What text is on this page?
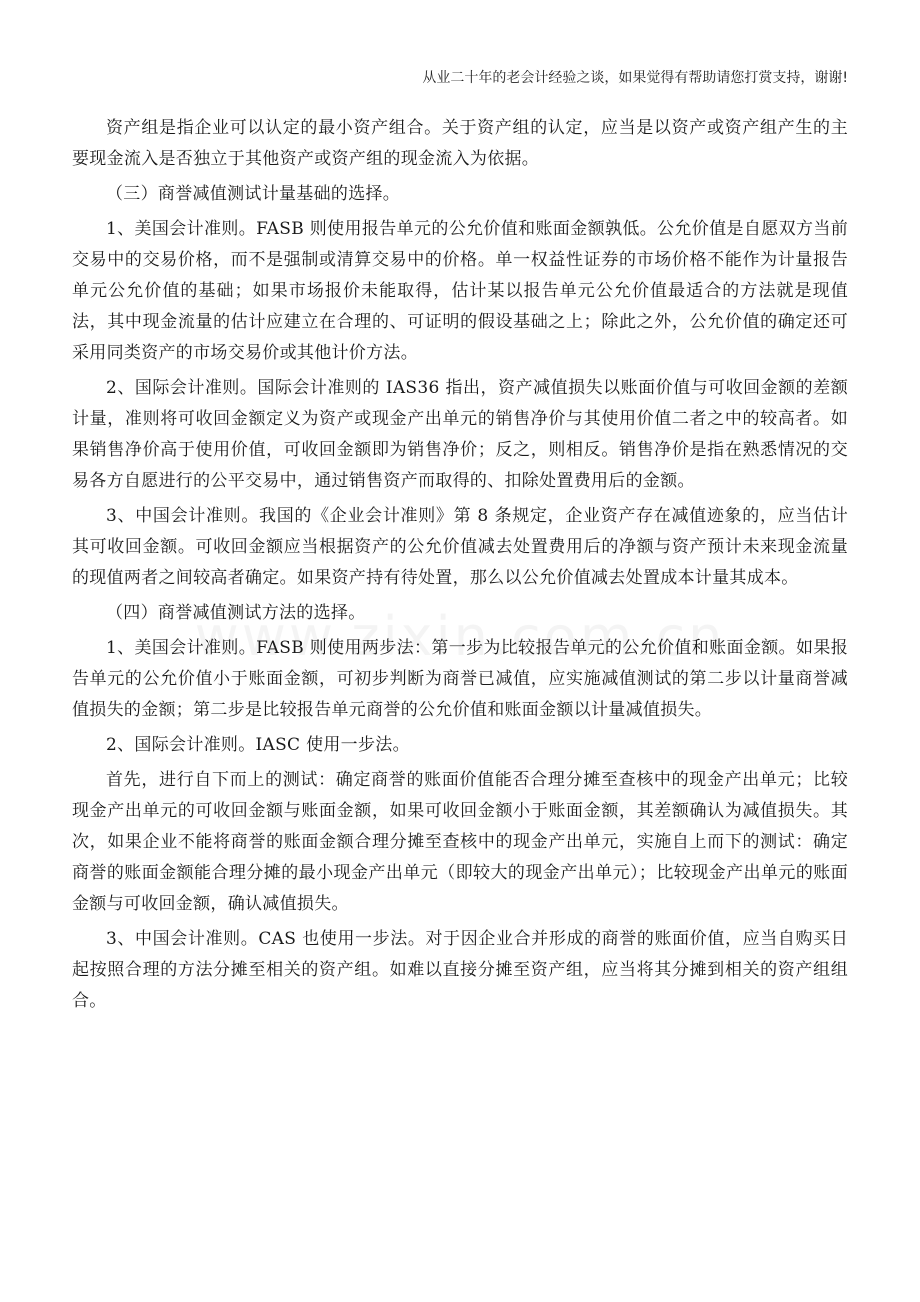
从业二十年的老会计经验之谈，如果觉得有帮助请您打赏支持，谢谢!

资产组是指企业可以认定的最小资产组合。关于资产组的认定，应当是以资产或资产组产生的主要现金流入是否独立于其他资产或资产组的现金流入为依据。

（三）商誉减值测试计量基础的选择。

1、美国会计准则。FASB 则使用报告单元的公允价值和账面金额孰低。公允价值是自愿双方当前交易中的交易价格，而不是强制或清算交易中的价格。单一权益性证券的市场价格不能作为计量报告单元公允价值的基础；如果市场报价未能取得，估计某以报告单元公允价值最适合的方法就是现值法，其中现金流量的估计应建立在合理的、可证明的假设基础之上；除此之外，公允价值的确定还可采用同类资产的市场交易价或其他计价方法。

2、国际会计准则。国际会计准则的 IAS36 指出，资产减值损失以账面价值与可收回金额的差额计量，准则将可收回金额定义为资产或现金产出单元的销售净价与其使用价值二者之中的较高者。如果销售净价高于使用价值，可收回金额即为销售净价；反之，则相反。销售净价是指在熟悉情况的交易各方自愿进行的公平交易中，通过销售资产而取得的、扣除处置费用后的金额。

3、中国会计准则。我国的《企业会计准则》第 8 条规定，企业资产存在减值迹象的，应当估计其可收回金额。可收回金额应当根据资产的公允价值减去处置费用后的净额与资产预计未来现金流量的现值两者之间较高者确定。如果资产持有待处置，那么以公允价值减去处置成本计量其成本。

（四）商誉减值测试方法的选择。

1、美国会计准则。FASB 则使用两步法：第一步为比较报告单元的公允价值和账面金额。如果报告单元的公允价值小于账面金额，可初步判断为商誉已减值，应实施减值测试的第二步以计量商誉减值损失的金额；第二步是比较报告单元商誉的公允价值和账面金额以计量减值损失。

2、国际会计准则。IASC 使用一步法。

首先，进行自下而上的测试：确定商誉的账面价值能否合理分摊至查核中的现金产出单元；比较现金产出单元的可收回金额与账面金额，如果可收回金额小于账面金额，其差额确认为减值损失。其次，如果企业不能将商誉的账面金额合理分摊至查核中的现金产出单元，实施自上而下的测试：确定商誉的账面金额能合理分摊的最小现金产出单元（即较大的现金产出单元）；比较现金产出单元的账面金额与可收回金额，确认减值损失。

3、中国会计准则。CAS 也使用一步法。对于因企业合并形成的商誉的账面价值，应当自购买日起按照合理的方法分摊至相关的资产组。如难以直接分摊至资产组，应当将其分摊到相关的资产组组合。
